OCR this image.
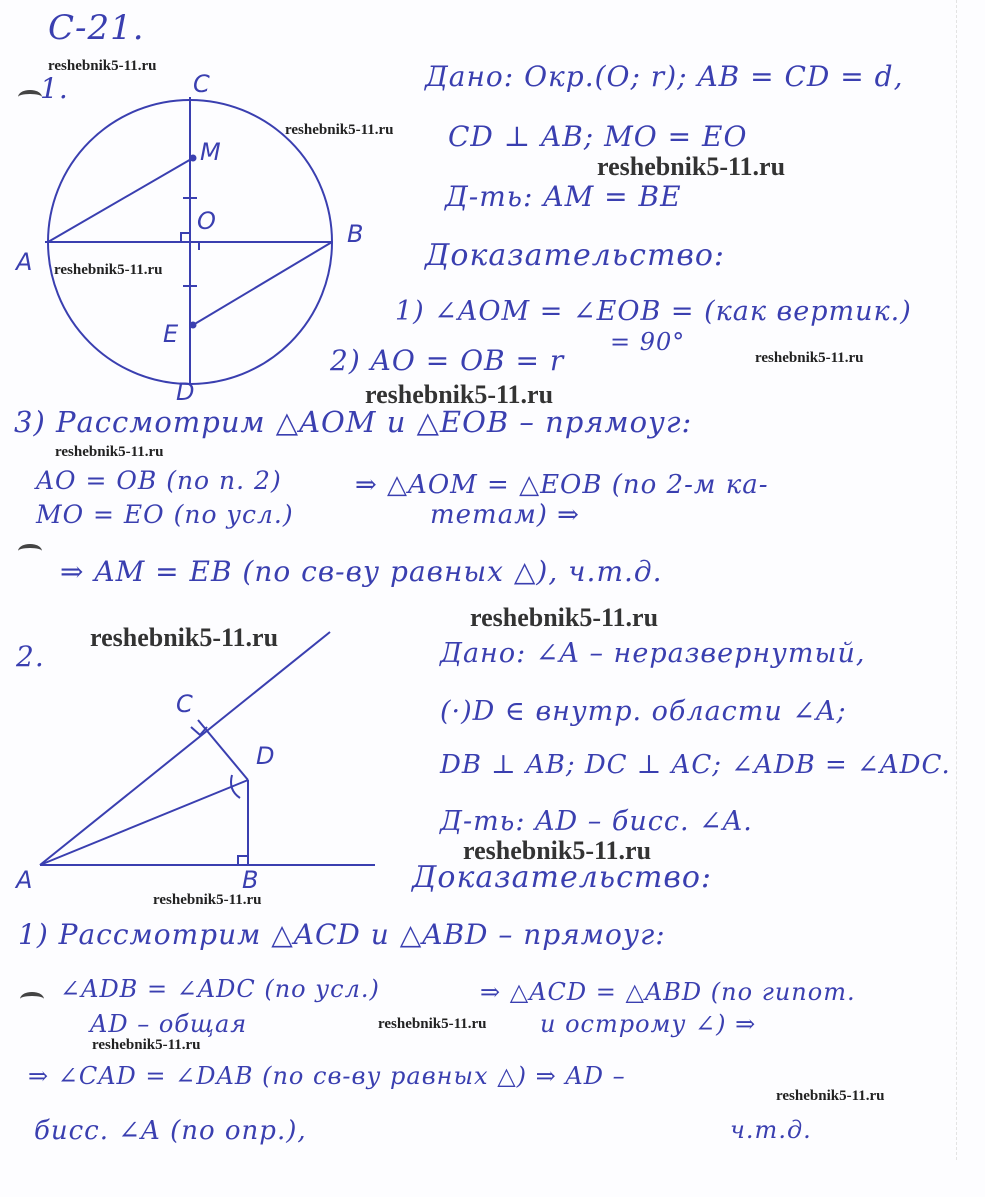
C
M
O
A
B
E
D
C
D
A	B
С-21.
1.	Дано: Окр.(O; r); AB = CD = d,
CD ⊥ AB; MO = EO
Д-ть: AM = BE
Доказательство:
1) ∠AOM = ∠EOB = (как вертик.)
= 90°
2) AO = OB = r
3) Рассмотрим △AOM и △EOB – прямоуг:
AO = OB (по п. 2)
MO = EO (по усл.)
⇒ △AOM = △EOB (по 2-м ка-
тетам) ⇒
⇒ AM = EB (по св-ву равных △), ч.т.д.
2.	Дано: ∠A – неразвернутый,
(·)D ∈ внутр. области ∠A;
DB ⊥ AB; DC ⊥ AC; ∠ADB = ∠ADC.
Д-ть: AD – бисс. ∠A.
Доказательство:
1) Рассмотрим △ACD и △ABD – прямоуг:
∠ADB = ∠ADC (по усл.)
AD – общая
⇒ △ACD = △ABD (по гипот.
и острому ∠) ⇒
⇒ ∠CAD = ∠DAB (по св-ву равных △) ⇒ AD –
бисс. ∠A (по опр.),	ч.т.д.
reshebnik5-11.ru
reshebnik5-11.ru
reshebnik5-11.ru
reshebnik5-11.ru
reshebnik5-11.ru
reshebnik5-11.ru
reshebnik5-11.ru
reshebnik5-11.ru
reshebnik5-11.ru
reshebnik5-11.ru
reshebnik5-11.ru
reshebnik5-11.ru
reshebnik5-11.ru
reshebnik5-11.ru
